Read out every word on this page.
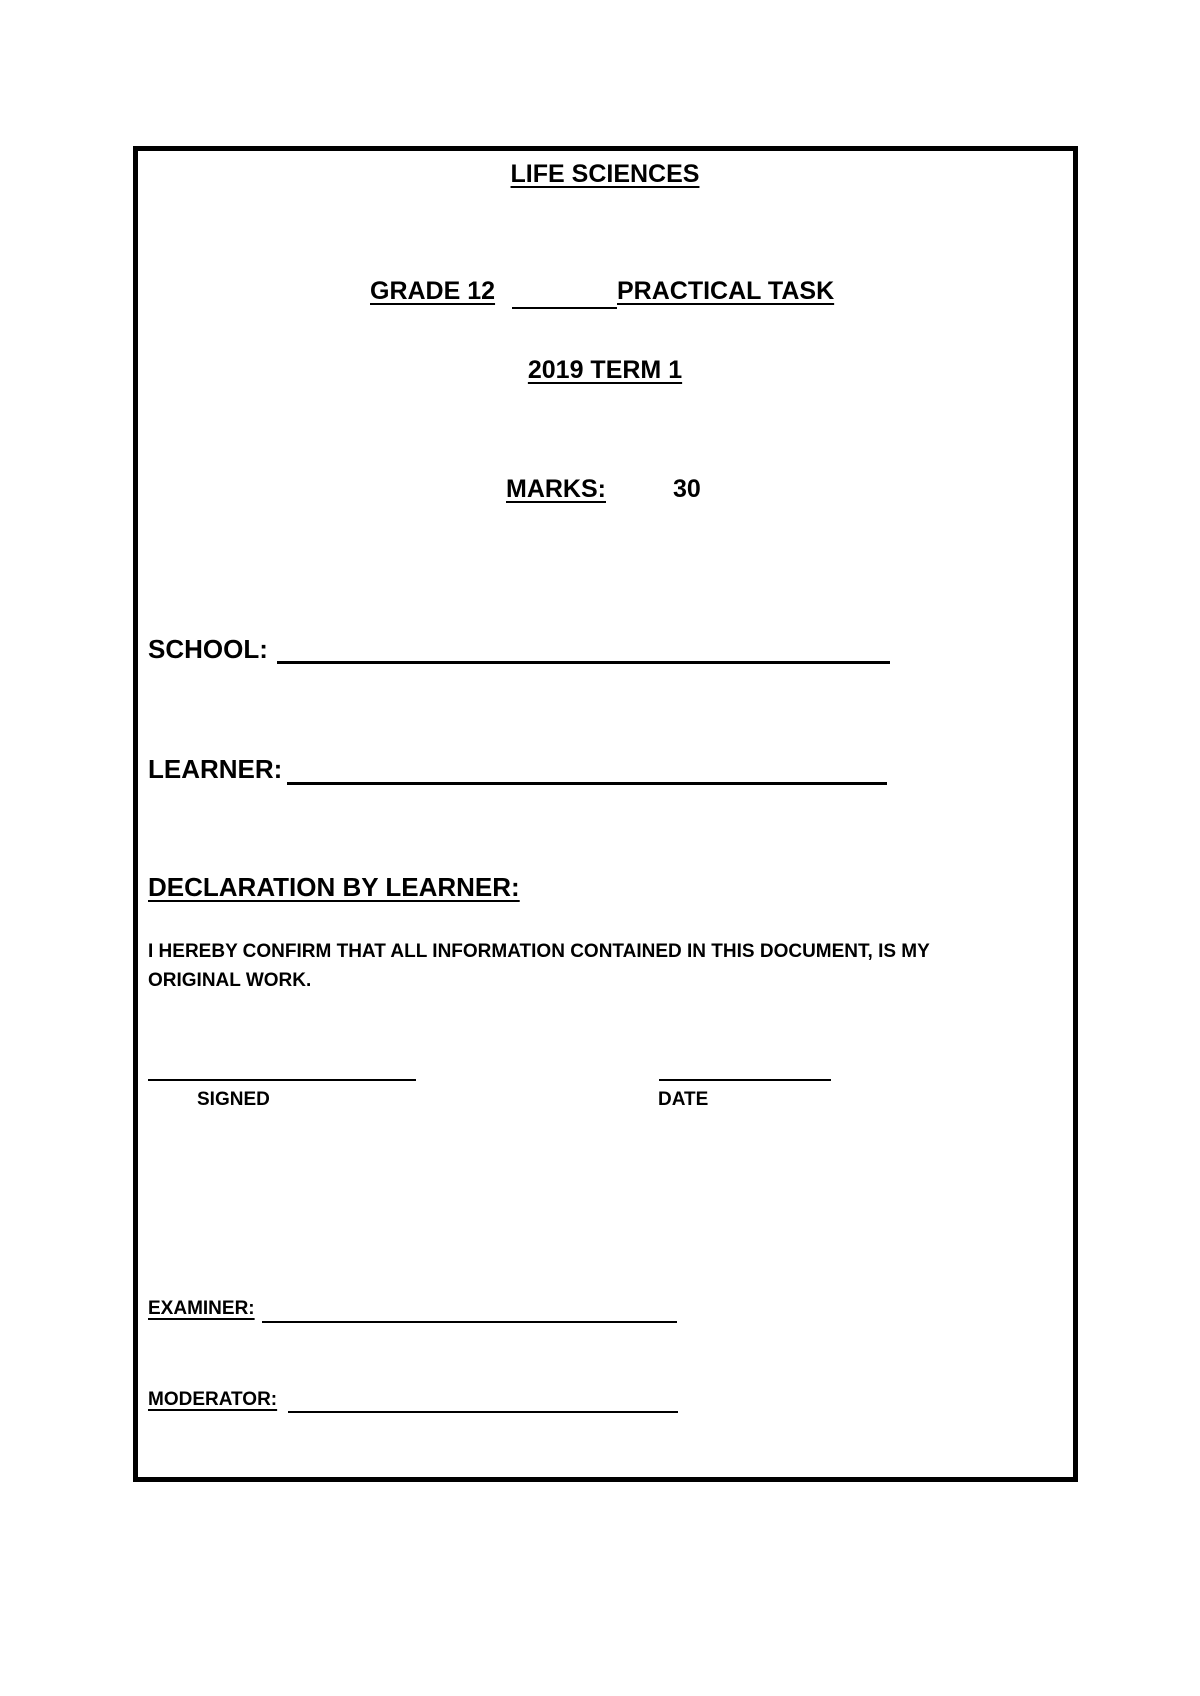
LIFE SCIENCES
GRADE 12	PRACTICAL TASK
2019 TERM 1
MARKS:	30
SCHOOL:
LEARNER:
DECLARATION BY LEARNER:
I HEREBY CONFIRM THAT ALL INFORMATION CONTAINED IN THIS DOCUMENT, IS MY
ORIGINAL WORK.
SIGNED	DATE
EXAMINER:
MODERATOR:
